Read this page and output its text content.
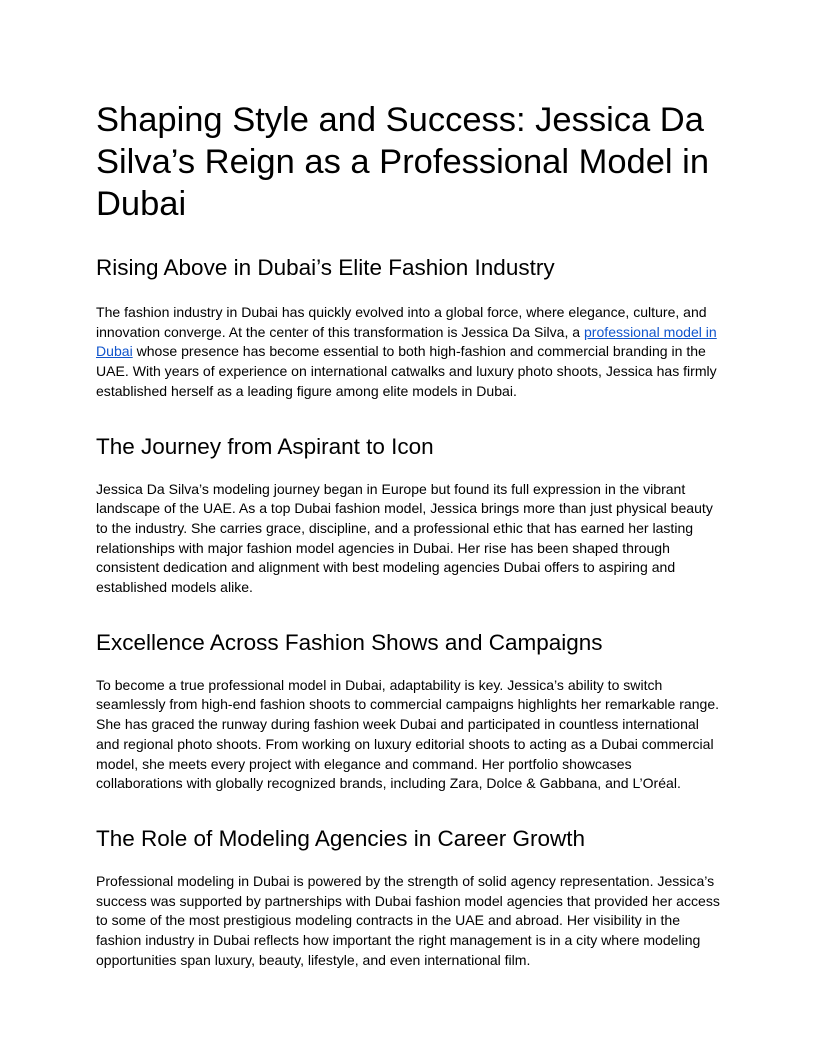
Shaping Style and Success: Jessica Da Silva’s Reign as a Professional Model in Dubai
Rising Above in Dubai’s Elite Fashion Industry

The fashion industry in Dubai has quickly evolved into a global force, where elegance, culture, and innovation converge. At the center of this transformation is Jessica Da Silva, a professional model in Dubai whose presence has become essential to both high-fashion and commercial branding in the UAE. With years of experience on international catwalks and luxury photo shoots, Jessica has firmly established herself as a leading figure among elite models in Dubai.

The Journey from Aspirant to Icon

Jessica Da Silva’s modeling journey began in Europe but found its full expression in the vibrant landscape of the UAE. As a top Dubai fashion model, Jessica brings more than just physical beauty to the industry. She carries grace, discipline, and a professional ethic that has earned her lasting relationships with major fashion model agencies in Dubai. Her rise has been shaped through consistent dedication and alignment with best modeling agencies Dubai offers to aspiring and established models alike.

Excellence Across Fashion Shows and Campaigns

To become a true professional model in Dubai, adaptability is key. Jessica’s ability to switch seamlessly from high-end fashion shoots to commercial campaigns highlights her remarkable range. She has graced the runway during fashion week Dubai and participated in countless international and regional photo shoots. From working on luxury editorial shoots to acting as a Dubai commercial model, she meets every project with elegance and command. Her portfolio showcases collaborations with globally recognized brands, including Zara, Dolce & Gabbana, and L’Oréal.

The Role of Modeling Agencies in Career Growth

Professional modeling in Dubai is powered by the strength of solid agency representation. Jessica’s success was supported by partnerships with Dubai fashion model agencies that provided her access to some of the most prestigious modeling contracts in the UAE and abroad. Her visibility in the fashion industry in Dubai reflects how important the right management is in a city where modeling opportunities span luxury, beauty, lifestyle, and even international film.
